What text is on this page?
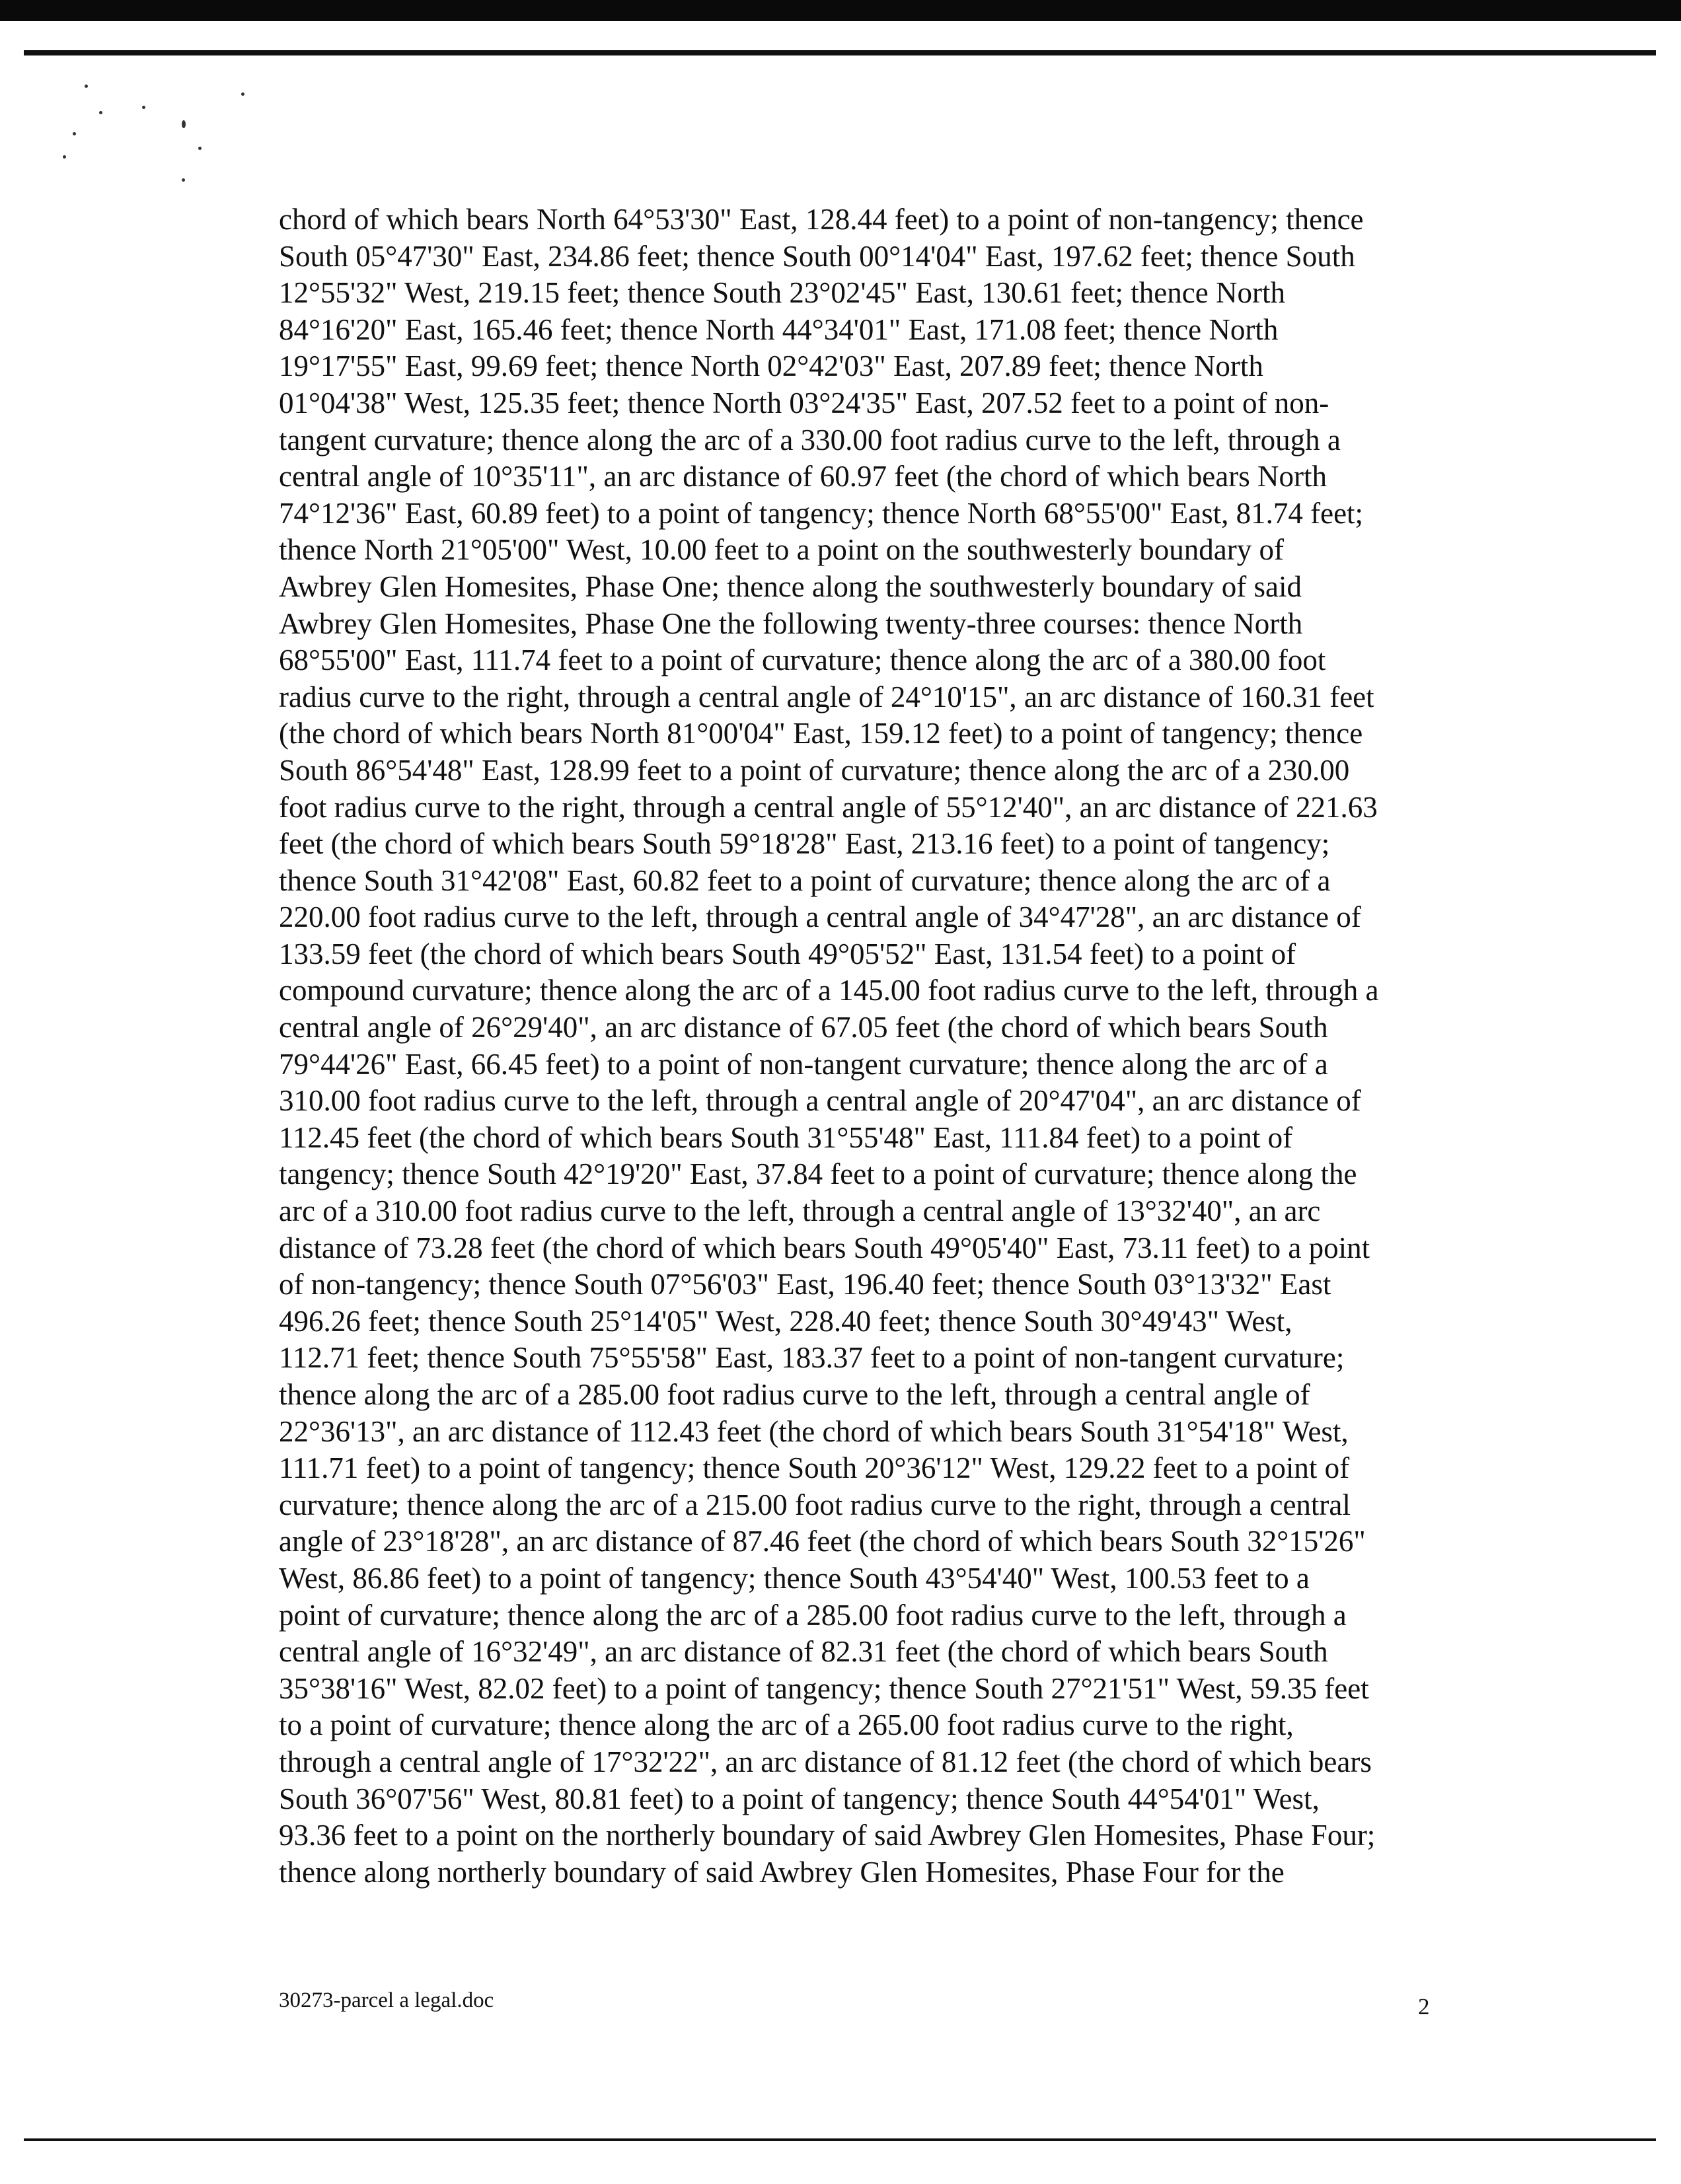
chord of which bears North 64°53'30" East, 128.44 feet) to a point of non-tangency; thence
South 05°47'30" East, 234.86 feet; thence South 00°14'04" East, 197.62 feet; thence South
12°55'32" West, 219.15 feet; thence South 23°02'45" East, 130.61 feet; thence North
84°16'20" East, 165.46 feet; thence North 44°34'01" East, 171.08 feet; thence North
19°17'55" East, 99.69 feet; thence North 02°42'03" East, 207.89 feet; thence North
01°04'38" West, 125.35 feet; thence North 03°24'35" East, 207.52 feet to a point of non-
tangent curvature; thence along the arc of a 330.00 foot radius curve to the left, through a
central angle of 10°35'11", an arc distance of 60.97 feet (the chord of which bears North
74°12'36" East, 60.89 feet) to a point of tangency; thence North 68°55'00" East, 81.74 feet;
thence North 21°05'00" West, 10.00 feet to a point on the southwesterly boundary of
Awbrey Glen Homesites, Phase One; thence along the southwesterly boundary of said
Awbrey Glen Homesites, Phase One the following twenty-three courses: thence North
68°55'00" East, 111.74 feet to a point of curvature; thence along the arc of a 380.00 foot
radius curve to the right, through a central angle of 24°10'15", an arc distance of 160.31 feet
(the chord of which bears North 81°00'04" East, 159.12 feet) to a point of tangency; thence
South 86°54'48" East, 128.99 feet to a point of curvature; thence along the arc of a 230.00
foot radius curve to the right, through a central angle of 55°12'40", an arc distance of 221.63
feet (the chord of which bears South 59°18'28" East, 213.16 feet) to a point of tangency;
thence South 31°42'08" East, 60.82 feet to a point of curvature; thence along the arc of a
220.00 foot radius curve to the left, through a central angle of 34°47'28", an arc distance of
133.59 feet (the chord of which bears South 49°05'52" East, 131.54 feet) to a point of
compound curvature; thence along the arc of a 145.00 foot radius curve to the left, through a
central angle of 26°29'40", an arc distance of 67.05 feet (the chord of which bears South
79°44'26" East, 66.45 feet) to a point of non-tangent curvature; thence along the arc of a
310.00 foot radius curve to the left, through a central angle of 20°47'04", an arc distance of
112.45 feet (the chord of which bears South 31°55'48" East, 111.84 feet) to a point of
tangency; thence South 42°19'20" East, 37.84 feet to a point of curvature; thence along the
arc of a 310.00 foot radius curve to the left, through a central angle of 13°32'40", an arc
distance of 73.28 feet (the chord of which bears South 49°05'40" East, 73.11 feet) to a point
of non-tangency; thence South 07°56'03" East, 196.40 feet; thence South 03°13'32" East
496.26 feet; thence South 25°14'05" West, 228.40 feet; thence South 30°49'43" West,
112.71 feet; thence South 75°55'58" East, 183.37 feet to a point of non-tangent curvature;
thence along the arc of a 285.00 foot radius curve to the left, through a central angle of
22°36'13", an arc distance of 112.43 feet (the chord of which bears South 31°54'18" West,
111.71 feet) to a point of tangency; thence South 20°36'12" West, 129.22 feet to a point of
curvature; thence along the arc of a 215.00 foot radius curve to the right, through a central
angle of 23°18'28", an arc distance of 87.46 feet (the chord of which bears South 32°15'26"
West, 86.86 feet) to a point of tangency; thence South 43°54'40" West, 100.53 feet to a
point of curvature; thence along the arc of a 285.00 foot radius curve to the left, through a
central angle of 16°32'49", an arc distance of 82.31 feet (the chord of which bears South
35°38'16" West, 82.02 feet) to a point of tangency; thence South 27°21'51" West, 59.35 feet
to a point of curvature; thence along the arc of a 265.00 foot radius curve to the right,
through a central angle of 17°32'22", an arc distance of 81.12 feet (the chord of which bears
South 36°07'56" West, 80.81 feet) to a point of tangency; thence South 44°54'01" West,
93.36 feet to a point on the northerly boundary of said Awbrey Glen Homesites, Phase Four;
thence along northerly boundary of said Awbrey Glen Homesites, Phase Four for the
30273-parcel a legal.doc	2
